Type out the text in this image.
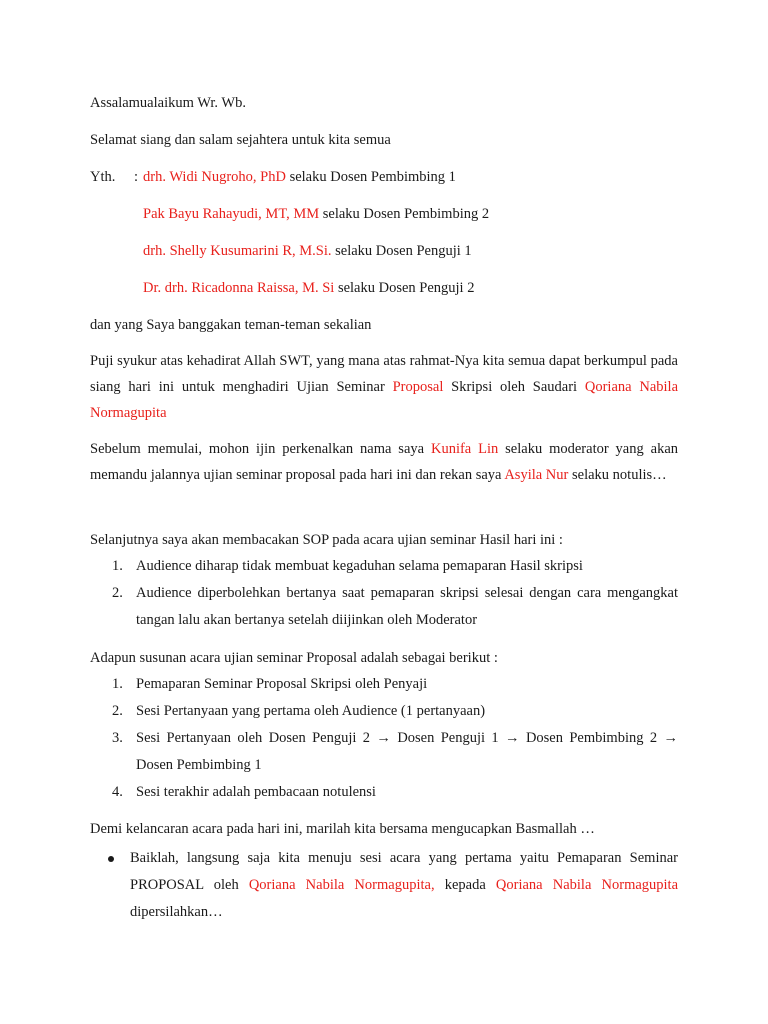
Assalamualaikum Wr. Wb.
Selamat siang dan salam sejahtera untuk kita semua
Yth. : drh. Widi Nugroho, PhD selaku Dosen Pembimbing 1
Pak Bayu Rahayudi, MT, MM selaku Dosen Pembimbing 2
drh. Shelly Kusumarini R, M.Si. selaku Dosen Penguji 1
Dr. drh. Ricadonna Raissa, M. Si selaku Dosen Penguji 2
dan yang Saya banggakan teman-teman sekalian
Puji syukur atas kehadirat Allah SWT, yang mana atas rahmat-Nya kita semua dapat berkumpul pada siang hari ini untuk menghadiri Ujian Seminar Proposal Skripsi oleh Saudari Qoriana Nabila Normagupita
Sebelum memulai, mohon ijin perkenalkan nama saya Kunifa Lin selaku moderator yang akan memandu jalannya ujian seminar proposal pada hari ini dan rekan saya Asyila Nur selaku notulis…
Selanjutnya saya akan membacakan SOP pada acara ujian seminar Hasil hari ini :
1. Audience diharap tidak membuat kegaduhan selama pemaparan Hasil skripsi
2. Audience diperbolehkan bertanya saat pemaparan skripsi selesai dengan cara mengangkat tangan lalu akan bertanya setelah diijinkan oleh Moderator
Adapun susunan acara ujian seminar Proposal adalah sebagai berikut :
1. Pemaparan Seminar Proposal Skripsi oleh Penyaji
2. Sesi Pertanyaan yang pertama oleh Audience (1 pertanyaan)
3. Sesi Pertanyaan oleh Dosen Penguji 2 → Dosen Penguji 1 → Dosen Pembimbing 2 → Dosen Pembimbing 1
4. Sesi terakhir adalah pembacaan notulensi
Demi kelancaran acara pada hari ini, marilah kita bersama mengucapkan Basmallah …
Baiklah, langsung saja kita menuju sesi acara yang pertama yaitu Pemaparan Seminar PROPOSAL oleh Qoriana Nabila Normagupita, kepada Qoriana Nabila Normagupita dipersilahkan…
